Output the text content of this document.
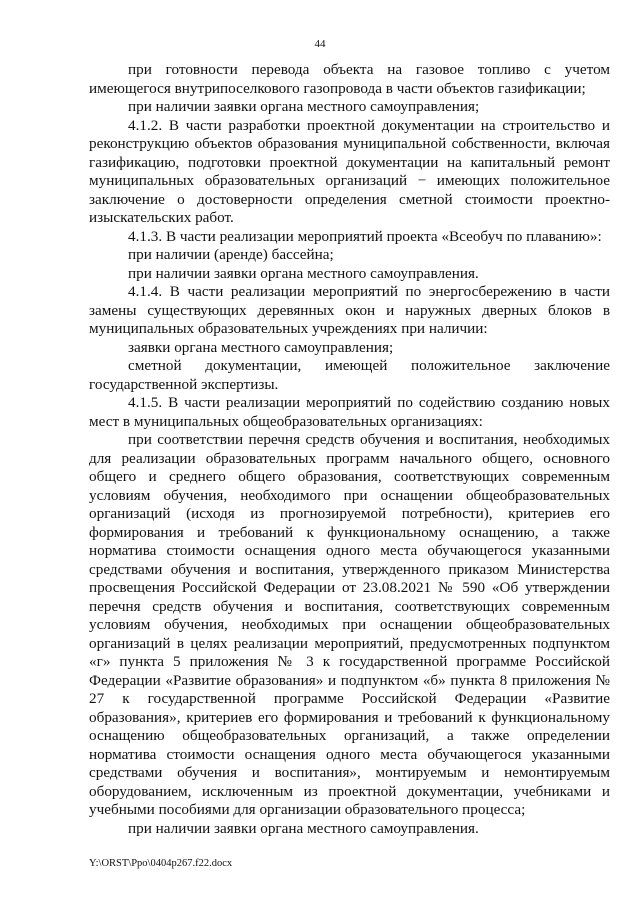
44

при готовности перевода объекта на газовое топливо с учетом имеющегося внутрипоселкового газопровода в части объектов газификации;

при наличии заявки органа местного самоуправления;

4.1.2. В части разработки проектной документации на строительство и реконструкцию объектов образования муниципальной собственности, включая газификацию, подготовки проектной документации на капитальный ремонт муниципальных образовательных организаций − имеющих положительное заключение о достоверности определения сметной стоимости проектно-изыскательских работ.

4.1.3. В части реализации мероприятий проекта «Всеобуч по плаванию»:

при наличии (аренде) бассейна;

при наличии заявки органа местного самоуправления.

4.1.4. В части реализации мероприятий по энергосбережению в части замены существующих деревянных окон и наружных дверных блоков в муниципальных образовательных учреждениях при наличии:

заявки органа местного самоуправления;

сметной документации, имеющей положительное заключение государственной экспертизы.

4.1.5. В части реализации мероприятий по содействию созданию новых мест в муниципальных общеобразовательных организациях:

при соответствии перечня средств обучения и воспитания, необходимых для реализации образовательных программ начального общего, основного общего и среднего общего образования, соответствующих современным условиям обучения, необходимого при оснащении общеобразовательных организаций (исходя из прогнозируемой потребности), критериев его формирования и требований к функциональному оснащению, а также норматива стоимости оснащения одного места обучающегося указанными средствами обучения и воспитания, утвержденного приказом Министерства просвещения Российской Федерации от 23.08.2021 № 590 «Об утверждении перечня средств обучения и воспитания, соответствующих современным условиям обучения, необходимых при оснащении общеобразовательных организаций в целях реализации мероприятий, предусмотренных подпунктом «г» пункта 5 приложения № 3 к государственной программе Российской Федерации «Развитие образования» и подпунктом «б» пункта 8 приложения № 27 к государственной программе Российской Федерации «Развитие образования», критериев его формирования и требований к функциональному оснащению общеобразовательных организаций, а также определении норматива стоимости оснащения одного места обучающегося указанными средствами обучения и воспитания», монтируемым и немонтируемым оборудованием, исключенным из проектной документации, учебниками и учебными пособиями для организации образовательного процесса;

при наличии заявки органа местного самоуправления.

Y:\ORST\Ppo\0404p267.f22.docx
